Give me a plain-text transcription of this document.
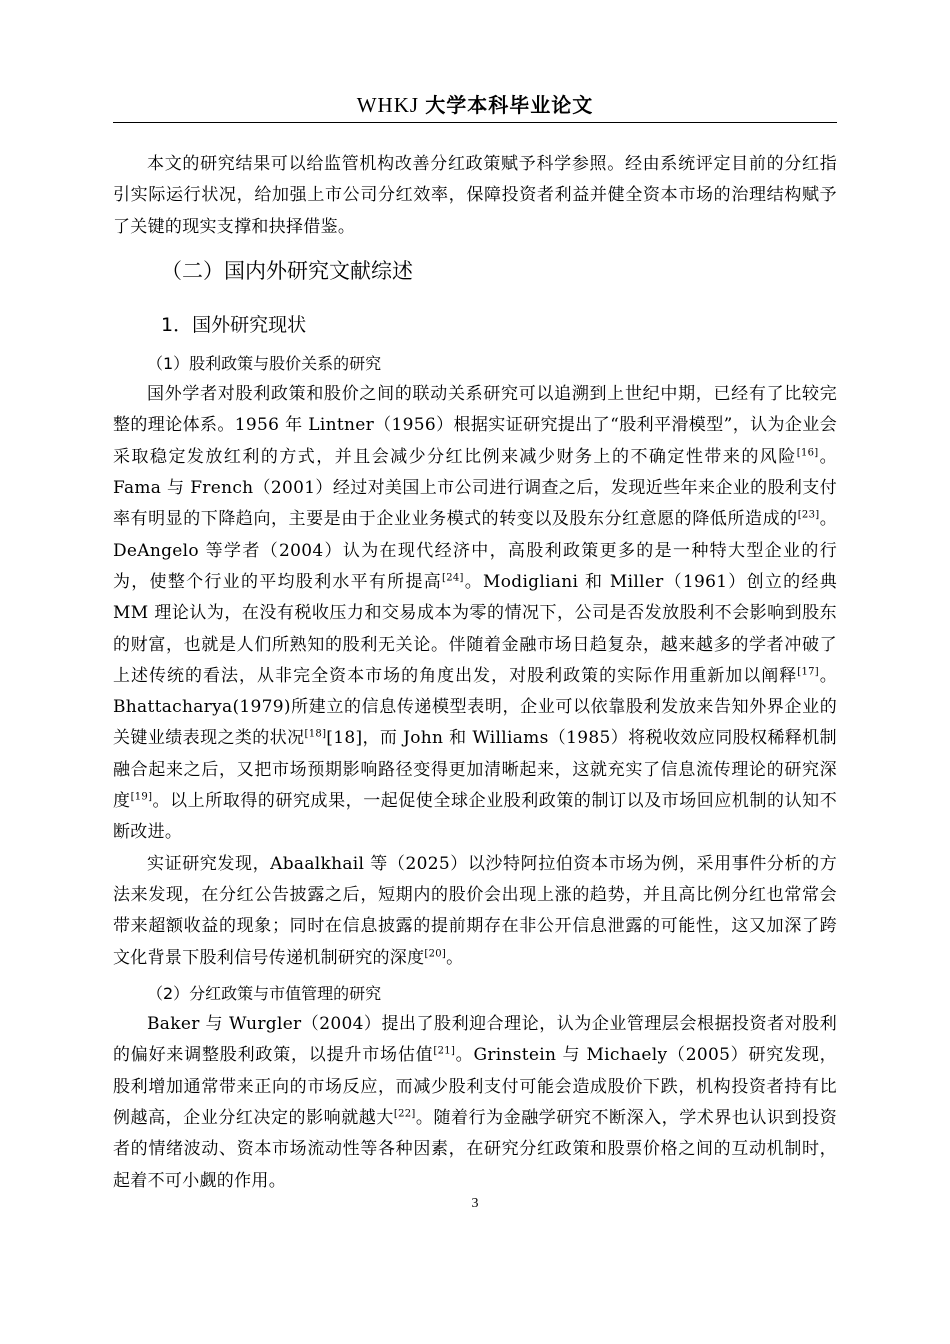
WHKJ 大学本科毕业论文

本文的研究结果可以给监管机构改善分红政策赋予科学参照。经由系统评定目前的分红指引实际运行状况，给加强上市公司分红效率，保障投资者利益并健全资本市场的治理结构赋予了关键的现实支撑和抉择借鉴。

（二）国内外研究文献综述
1．国外研究现状
（1）股利政策与股价关系的研究

国外学者对股利政策和股价之间的联动关系研究可以追溯到上世纪中期，已经有了比较完整的理论体系。1956 年 Lintner（1956）根据实证研究提出了“股利平滑模型”，认为企业会采取稳定发放红利的方式，并且会减少分红比例来减少财务上的不确定性带来的风险[16]。Fama 与 French（2001）经过对美国上市公司进行调查之后，发现近些年来企业的股利支付率有明显的下降趋向，主要是由于企业业务模式的转变以及股东分红意愿的降低所造成的[23]。DeAngelo 等学者（2004）认为在现代经济中，高股利政策更多的是一种特大型企业的行为，使整个行业的平均股利水平有所提高[24]。Modigliani 和 Miller（1961）创立的经典 MM 理论认为，在没有税收压力和交易成本为零的情况下，公司是否发放股利不会影响到股东的财富，也就是人们所熟知的股利无关论。伴随着金融市场日趋复杂，越来越多的学者冲破了上述传统的看法，从非完全资本市场的角度出发，对股利政策的实际作用重新加以阐释[17]。Bhattacharya(1979)所建立的信息传递模型表明，企业可以依靠股利发放来告知外界企业的关键业绩表现之类的状况[18][18]，而 John 和 Williams（1985）将税收效应同股权稀释机制融合起来之后，又把市场预期影响路径变得更加清晰起来，这就充实了信息流传理论的研究深度[19]。以上所取得的研究成果，一起促使全球企业股利政策的制订以及市场回应机制的认知不断改进。

实证研究发现，Abaalkhail 等（2025）以沙特阿拉伯资本市场为例，采用事件分析的方法来发现，在分红公告披露之后，短期内的股价会出现上涨的趋势，并且高比例分红也常常会带来超额收益的现象；同时在信息披露的提前期存在非公开信息泄露的可能性，这又加深了跨文化背景下股利信号传递机制研究的深度[20]。

（2）分红政策与市值管理的研究

Baker 与 Wurgler（2004）提出了股利迎合理论，认为企业管理层会根据投资者对股利的偏好来调整股利政策，以提升市场估值[21]。Grinstein 与 Michaely（2005）研究发现，股利增加通常带来正向的市场反应，而减少股利支付可能会造成股价下跌，机构投资者持有比例越高，企业分红决定的影响就越大[22]。随着行为金融学研究不断深入，学术界也认识到投资者的情绪波动、资本市场流动性等各种因素，在研究分红政策和股票价格之间的互动机制时，起着不可小觑的作用。

3
